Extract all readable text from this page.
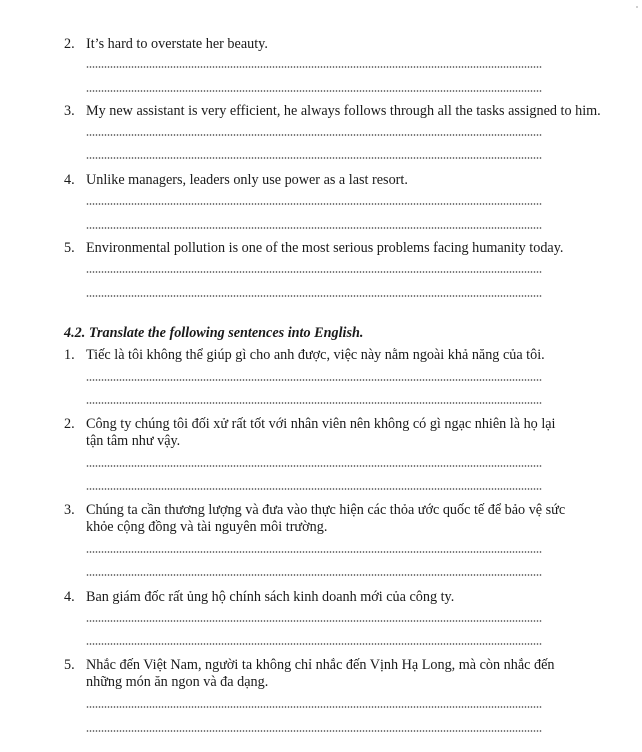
2. It’s hard to overstate her beauty.
3. My new assistant is very efficient, he always follows through all the tasks assigned to him.
4. Unlike managers, leaders only use power as a last resort.
5. Environmental pollution is one of the most serious problems facing humanity today.
4.2. Translate the following sentences into English.
1. Tiếc là tôi không thể giúp gì cho anh được, việc này nằm ngoài khả năng của tôi.
2. Công ty chúng tôi đối xử rất tốt với nhân viên nên không có gì ngạc nhiên là họ lại
tận tâm như vậy.
3. Chúng ta cần thương lượng và đưa vào thực hiện các thỏa ước quốc tế để bảo vệ sức
khỏe cộng đồng và tài nguyên môi trường.
4. Ban giám đốc rất ủng hộ chính sách kinh doanh mới của công ty.
5. Nhắc đến Việt Nam, người ta không chỉ nhắc đến Vịnh Hạ Long, mà còn nhắc đến
những món ăn ngon và đa dạng.
